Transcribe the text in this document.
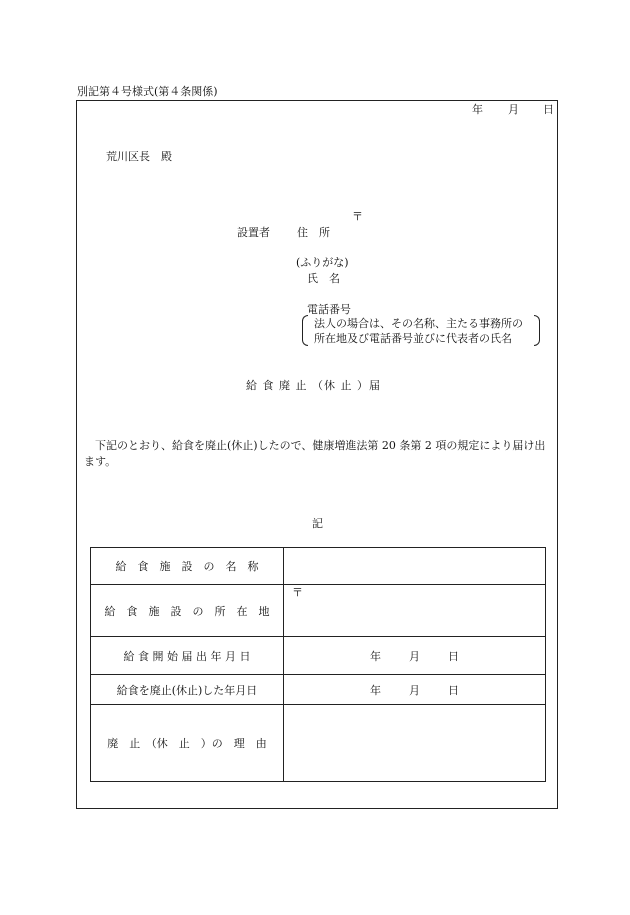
別記第４号様式(第４条関係)
年 月 日
荒川区長　殿
〒
設置者 住　所
(ふりがな)
氏　名
電話番号
法人の場合は、その名称、主たる事務所の
所在地及び電話番号並びに代表者の氏名
給 食 廃 止 （休 止 ）届
下記のとおり、給食を廃止(休止)したので、健康増進法第 20 条第 2 項の規定により届け出ます。
記
給　食　施　設　の　名　称	
給　食　施　設　の　所　在　地	〒

給 食 開 始 届 出 年 月 日	年 月 日

給食を廃止(休止)した年月日	年 月 日

廃　止　（休　止　）の　理　由	
